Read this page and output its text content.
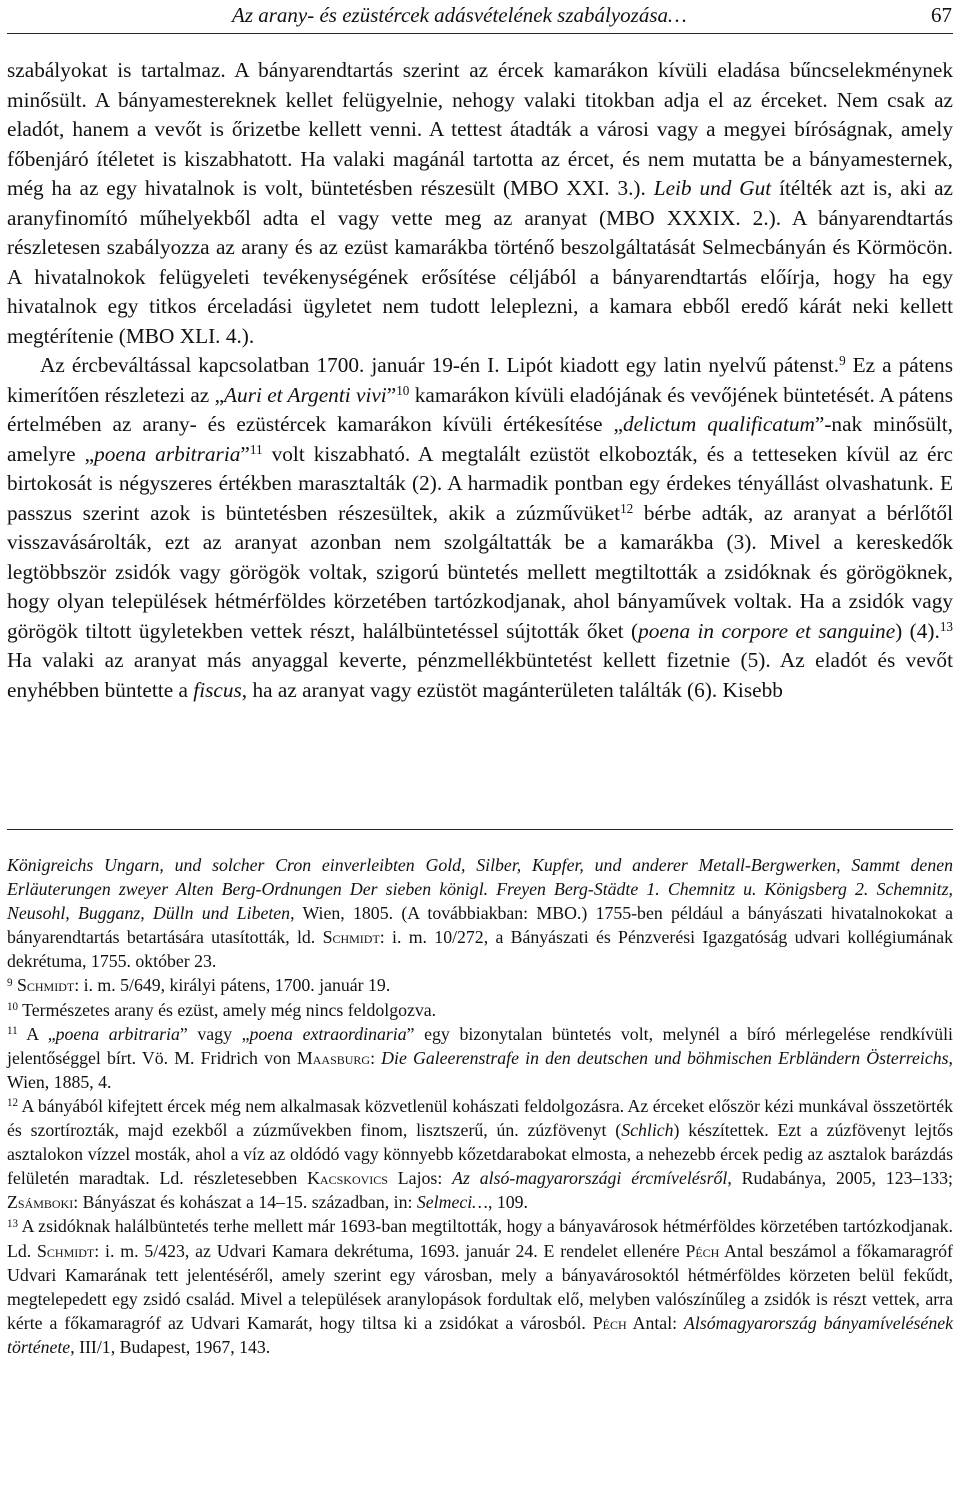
Az arany- és ezüstércek adásvételének szabályozása…	67

szabályokat is tartalmaz. A bányarendtartás szerint az ércek kamarákon kívüli eladása bűncselekménynek minősült. A bányamestereknek kellet felügyelnie, nehogy valaki titokban adja el az érceket. Nem csak az eladót, hanem a vevőt is őrizetbe kellett venni. A tettest átadták a városi vagy a megyei bíróságnak, amely főbenjáró ítéletet is kiszabhatott. Ha valaki magánál tartotta az ércet, és nem mutatta be a bányamesternek, még ha az egy hivatalnok is volt, büntetésben részesült (MBO XXI. 3.). Leib und Gut ítélték azt is, aki az aranyfinomító műhelyekből adta el vagy vette meg az aranyat (MBO XXXIX. 2.). A bányarendtartás részletesen szabályozza az arany és az ezüst kamarákba történő beszolgáltatását Selmecbányán és Körmöcön. A hivatalnokok felügyeleti tevékenységének erősítése céljából a bányarendtartás előírja, hogy ha egy hivatalnok egy titkos érceladási ügyletet nem tudott leleplezni, a kamara ebből eredő kárát neki kellett megtérítenie (MBO XLI. 4.).

Az ércbeváltással kapcsolatban 1700. január 19-én I. Lipót kiadott egy latin nyelvű pátenst.$^9$ Ez a pátens kimerítően részletezi az „Auri et Argenti vivi”$^{10}$ kamarákon kívüli eladójának és vevőjének büntetését. A pátens értelmében az arany- és ezüstércek kamarákon kívüli értékesítése „delictum qualificatum”-nak minősült, amelyre „poena arbitraria”$^{11}$ volt kiszabható. A megtalált ezüstöt elkobozták, és a tetteseken kívül az érc birtokosát is négyszeres értékben marasztalták (2). A harmadik pontban egy érdekes tényállást olvashatunk. E passzus szerint azok is büntetésben részesültek, akik a zúzművüket$^{12}$ bérbe adták, az aranyat a bérlőtől visszavásárolták, ezt az aranyat azonban nem szolgáltatták be a kamarákba (3). Mivel a kereskedők legtöbbször zsidók vagy görögök voltak, szigorú büntetés mellett megtiltották a zsidóknak és görögöknek, hogy olyan települések hétmérföldes körzetében tartózkodjanak, ahol bányaművek voltak. Ha a zsidók vagy görögök tiltott ügyletekben vettek részt, halálbüntetéssel sújtották őket (poena in corpore et sanguine) (4).$^{13}$ Ha valaki az aranyat más anyaggal keverte, pénzmellékbüntetést kellett fizetnie (5). Az eladót és vevőt enyhébben büntette a fiscus, ha az aranyat vagy ezüstöt magánterületen találták (6). Kisebb

Königreichs Ungarn, und solcher Cron einverleibten Gold, Silber, Kupfer, und anderer Metall-Bergwerken, Sammt denen Erläuterungen zweyer Alten Berg-Ordnungen Der sieben königl. Freyen Berg-Städte 1. Chemnitz u. Königsberg 2. Schemnitz, Neusohl, Bugganz, Dülln und Libeten, Wien, 1805. (A továbbiakban: MBO.) 1755-ben például a bányászati hivatalnokokat a bányarendtartás betartására utasították, ld. Schmidt: i. m. 10/272, a Bányászati és Pénzverési Igazgatóság udvari kollégiumának dekrétuma, 1755. október 23.

$^9$ Schmidt: i. m. 5/649, királyi pátens, 1700. január 19.

$^{10}$ Természetes arany és ezüst, amely még nincs feldolgozva.

$^{11}$ A „poena arbitraria” vagy „poena extraordinaria” egy bizonytalan büntetés volt, melynél a bíró mérlegelése rendkívüli jelentőséggel bírt. Vö. M. Fridrich von Maasburg: Die Galeerenstrafe in den deutschen und böhmischen Erbländern Österreichs, Wien, 1885, 4.

$^{12}$ A bányából kifejtett ércek még nem alkalmasak közvetlenül kohászati feldolgozásra. Az érceket először kézi munkával összetörték és szortírozták, majd ezekből a zúzművekben finom, lisztszerű, ún. zúzfövenyt (Schlich) készítettek. Ezt a zúzfövenyt lejtős asztalokon vízzel mosták, ahol a víz az oldódó vagy könnyebb kőzetdarabokat elmosta, a nehezebb ércek pedig az asztalok barázdás felületén maradtak. Ld. részletesebben Kacskovics Lajos: Az alsó-magyarországi ércmívelésről, Rudabánya, 2005, 123–133; Zsámboki: Bányászat és kohászat a 14–15. században, in: Selmeci…, 109.

$^{13}$ A zsidóknak halálbüntetés terhe mellett már 1693-ban megtiltották, hogy a bányavárosok hétmérföldes körzetében tartózkodjanak. Ld. Schmidt: i. m. 5/423, az Udvari Kamara dekrétuma, 1693. január 24. E rendelet ellenére Péch Antal beszámol a főkamaragróf Udvari Kamarának tett jelentéséről, amely szerint egy városban, mely a bányavárosoktól hétmérföldes körzeten belül fekűdt, megtelepedett egy zsidó család. Mivel a települések aranylopások fordultak elő, melyben valószínűleg a zsidók is részt vettek, arra kérte a főkamaragróf az Udvari Kamarát, hogy tiltsa ki a zsidókat a városból. Péch Antal: Alsómagyarország bányamívelésének története, III/1, Budapest, 1967, 143.
